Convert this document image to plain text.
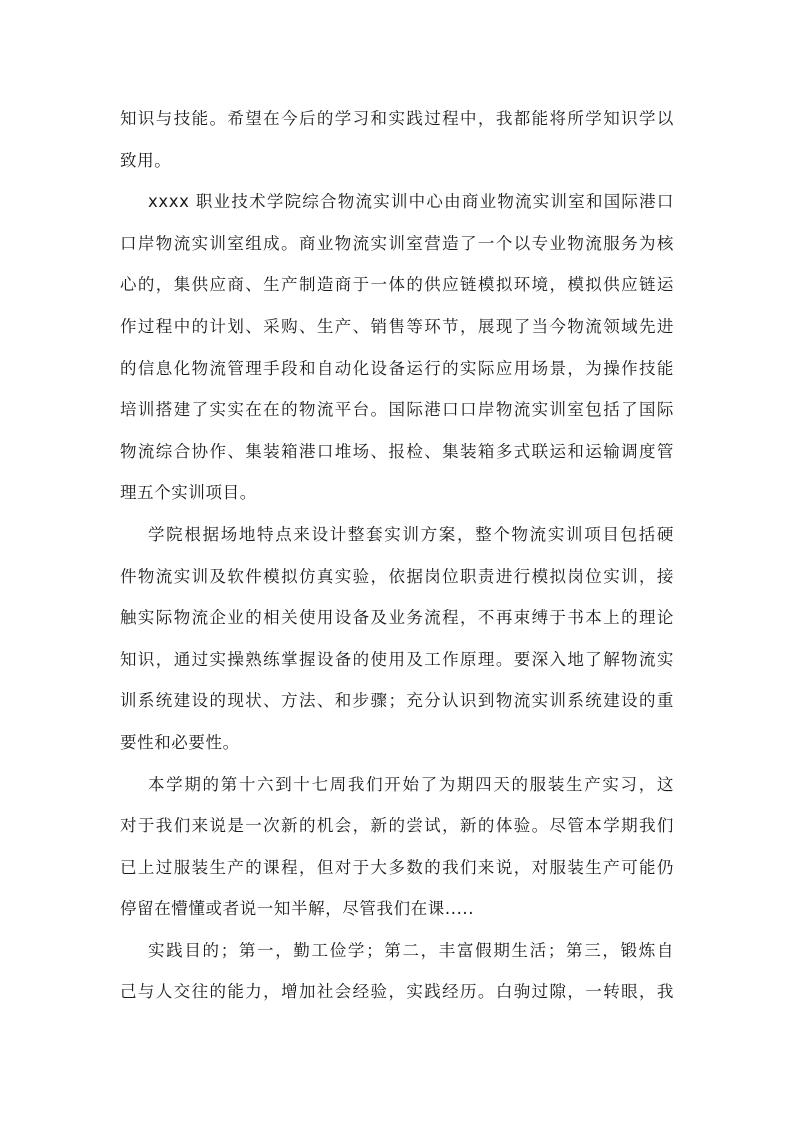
知识与技能。希望在今后的学习和实践过程中，我都能将所学知识学以
致用。
xxxx 职业技术学院综合物流实训中心由商业物流实训室和国际港口
口岸物流实训室组成。商业物流实训室营造了一个以专业物流服务为核
心的，集供应商、生产制造商于一体的供应链模拟环境，模拟供应链运
作过程中的计划、采购、生产、销售等环节，展现了当今物流领域先进
的信息化物流管理手段和自动化设备运行的实际应用场景，为操作技能
培训搭建了实实在在的物流平台。国际港口口岸物流实训室包括了国际
物流综合协作、集装箱港口堆场、报检、集装箱多式联运和运输调度管
理五个实训项目。
学院根据场地特点来设计整套实训方案，整个物流实训项目包括硬
件物流实训及软件模拟仿真实验，依据岗位职责进行模拟岗位实训，接
触实际物流企业的相关使用设备及业务流程，不再束缚于书本上的理论
知识，通过实操熟练掌握设备的使用及工作原理。要深入地了解物流实
训系统建设的现状、方法、和步骤；充分认识到物流实训系统建设的重
要性和必要性。
本学期的第十六到十七周我们开始了为期四天的服装生产实习，这
对于我们来说是一次新的机会，新的尝试，新的体验。尽管本学期我们
已上过服装生产的课程，但对于大多数的我们来说，对服装生产可能仍
停留在懵懂或者说一知半解，尽管我们在课.....
实践目的；第一，勤工俭学；第二，丰富假期生活；第三，锻炼自
己与人交往的能力，增加社会经验，实践经历。白驹过隙，一转眼，我
